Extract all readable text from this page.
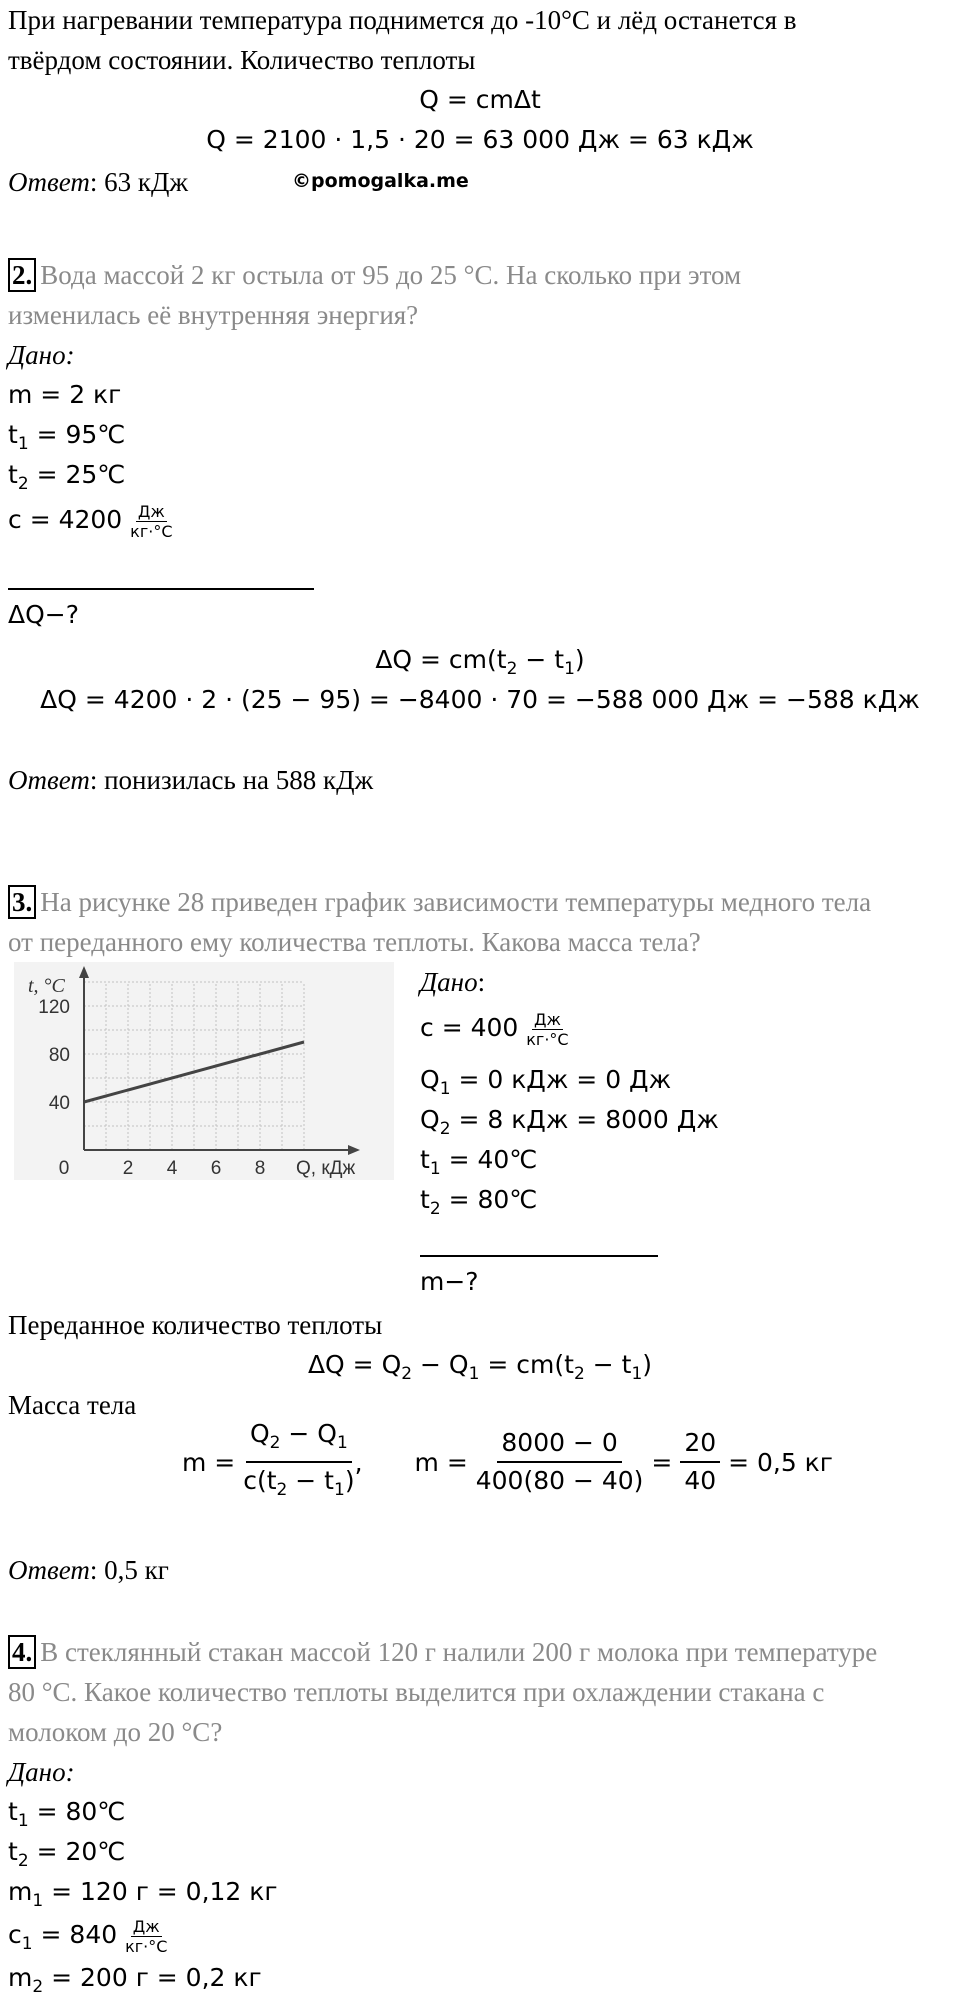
При нагревании температура поднимется до -10°С и лёд останется в
твёрдом состоянии. Количество теплоты
Q = cmΔt
Q = 2100 · 1,5 · 20 = 63 000 Дж = 63 кДж
Ответ: 63 кДж	©pomogalka.me
2. Вода массой 2 кг остыла от 95 до 25 °С. На сколько при этом
изменилась её внутренняя энергия?
Дано:
m = 2 кг
$t_1$ = 95℃
$t_2$ = 25℃
$c = 4200 \frac{Дж}{кг\cdot^\circ С}$
ΔQ−?
$\Delta Q = cm(t_2 - t_1)$
ΔQ = 4200 · 2 · (25 − 95) = −8400 · 70 = −588 000 Дж = −588 кДж
Ответ: понизилась на 588 кДж
3. На рисунке 28 приведен график зависимости температуры медного тела
от переданного ему количества теплоты. Какова масса тела?
0	2 4 6 8
40
80
120
t, °C
Q, кДж
Дано:
$c = 400 \frac{Дж}{кг\cdot^\circ С}$
$Q_1 = 0$ кДж = 0 Дж
$Q_2 = 8$ кДж = 8000 Дж
$t_1$ = 40℃
$t_2$ = 80℃
m−?
Переданное количество теплоты
$\Delta Q = Q_2 - Q_1 = cm(t_2 - t_1)$
Масса тела
m =
$\frac{Q_2 - Q_1}{c(t_2 - t_1)}$ , m =
$\frac{8000 - 0}{400(80 - 40)}$
=
$\frac{20}{40}$
= 0,5 кг
Ответ: 0,5 кг
4. В стеклянный стакан массой 120 г налили 200 г молока при температуре
80 °С. Какое количество теплоты выделится при охлаждении стакана с
молоком до 20 °С?
Дано:
$t_1$ = 80℃
$t_2$ = 20℃
$m_1 = 120$ г = 0,12 кг
$c_1 = 840 \frac{Дж}{кг\cdot^\circ С}$
$m_2 = 200$ г = 0,2 кг
